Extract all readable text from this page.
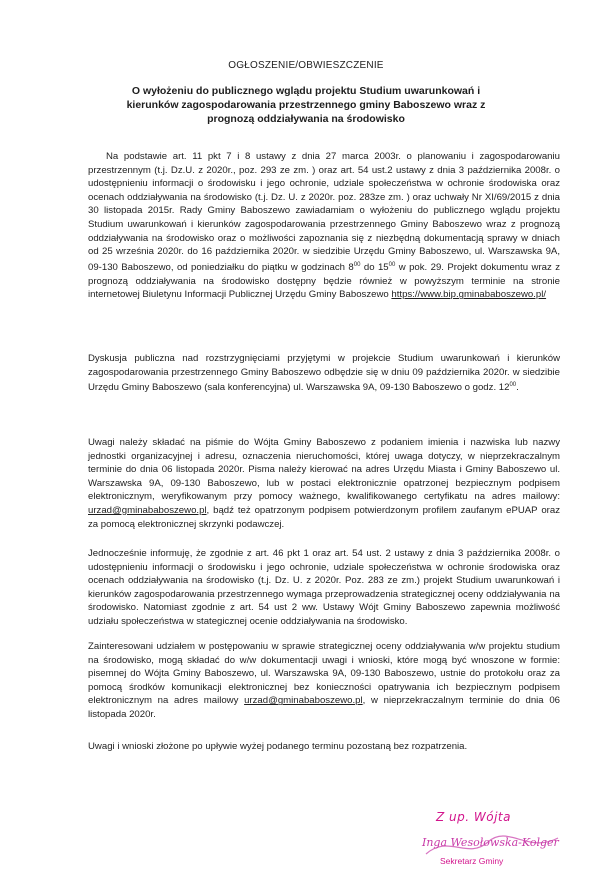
OGŁOSZENIE/OBWIESZCZENIE
O wyłożeniu do publicznego wglądu projektu Studium uwarunkowań i kierunków zagospodarowania przestrzennego gminy Baboszewo wraz z prognozą oddziaływania na środowisko

Na podstawie art. 11 pkt 7 i 8 ustawy z dnia 27 marca 2003r. o planowaniu i zagospodarowaniu przestrzennym (t.j. Dz.U. z 2020r., poz. 293 ze zm. ) oraz art. 54 ust.2 ustawy z dnia 3 października 2008r. o udostępnieniu informacji o środowisku i jego ochronie, udziale społeczeństwa w ochronie środowiska oraz ocenach oddziaływania na środowisko (t.j. Dz. U. z 2020r. poz. 283ze zm. ) oraz uchwały Nr XI/69/2015 z dnia 30 listopada 2015r. Rady Gminy Baboszewo zawiadamiam o wyłożeniu do publicznego wglądu projektu Studium uwarunkowań i kierunków zagospodarowania przestrzennego Gminy Baboszewo wraz z prognozą oddziaływania na środowisko oraz o możliwości zapoznania się z niezbędną dokumentacją sprawy w dniach od 25 września 2020r. do 16 października 2020r. w siedzibie Urzędu Gminy Baboszewo, ul. Warszawska 9A, 09-130 Baboszewo, od poniedziałku do piątku w godzinach $8^{00}$ do $15^{00}$ w pok. 29. Projekt dokumentu wraz z prognozą oddziaływania na środowisko dostępny będzie również w powyższym terminie na stronie internetowej Biuletynu Informacji Publicznej Urzędu Gminy Baboszewo https://www.bip.gminababoszewo.pl/

Dyskusja publiczna nad rozstrzygnięciami przyjętymi w projekcie Studium uwarunkowań i kierunków zagospodarowania przestrzennego Gminy Baboszewo odbędzie się w dniu 09 października 2020r. w siedzibie Urzędu Gminy Baboszewo (sala konferencyjna) ul. Warszawska 9A, 09-130 Baboszewo o godz. $12^{00}$.

Uwagi należy składać na piśmie do Wójta Gminy Baboszewo z podaniem imienia i nazwiska lub nazwy jednostki organizacyjnej i adresu, oznaczenia nieruchomości, której uwaga dotyczy, w nieprzekraczalnym terminie do dnia 06 listopada 2020r. Pisma należy kierować na adres Urzędu Miasta i Gminy Baboszewo ul. Warszawska 9A, 09-130 Baboszewo, lub w postaci elektronicznie opatrzonej bezpiecznym podpisem elektronicznym, weryfikowanym przy pomocy ważnego, kwalifikowanego certyfikatu na adres mailowy: urzad@gminababoszewo.pl, bądź też opatrzonym podpisem potwierdzonym profilem zaufanym ePUAP oraz za pomocą elektronicznej skrzynki podawczej.

Jednocześnie informuję, że zgodnie z art. 46 pkt 1 oraz art. 54 ust. 2 ustawy z dnia 3 października 2008r. o udostępnieniu informacji o środowisku i jego ochronie, udziale społeczeństwa w ochronie środowiska oraz ocenach oddziaływania na środowisko (t.j. Dz. U. z 2020r. Poz. 283 ze zm.) projekt Studium uwarunkowań i kierunków zagospodarowania przestrzennego wymaga przeprowadzenia strategicznej oceny oddziaływania na środowisko. Natomiast zgodnie z art. 54 ust 2 ww. Ustawy Wójt Gminy Baboszewo zapewnia możliwość udziału społeczeństwa w stategicznej ocenie oddziaływania na środowisko.

Zainteresowani udziałem w postępowaniu w sprawie strategicznej oceny oddziaływania w/w projektu studium na środowisko, mogą składać do w/w dokumentacji uwagi i wnioski, które mogą być wnoszone w formie: pisemnej do Wójta Gminy Baboszewo, ul. Warszawska 9A, 09-130 Baboszewo, ustnie do protokołu oraz za pomocą środków komunikacji elektronicznej bez konieczności opatrywania ich bezpiecznym podpisem elektronicznym na adres mailowy urzad@gminababoszewo.pl, w nieprzekraczalnym terminie do dnia 06 listopada 2020r.

Uwagi i wnioski złożone po upływie wyżej podanego terminu pozostaną bez rozpatrzenia.

Z up. Wójta
Inga Wesołowska-Kolger
Sekretarz Gminy
